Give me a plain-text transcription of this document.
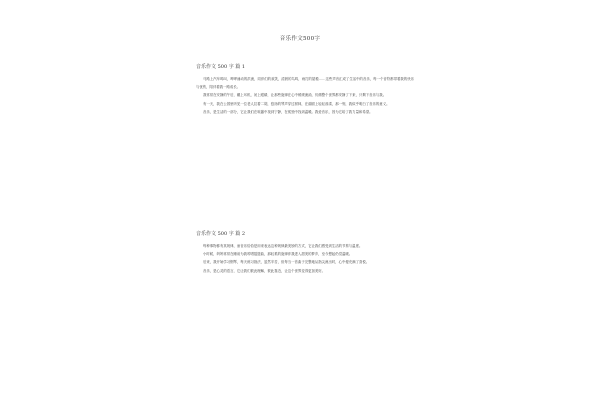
音乐作文500字
音乐作文 500 字 篇 1

马路上汽车鸣叫，哗哗涌动的洪流，同伴们的欢笑，清晨的鸟鸣，雨打的屋檐……这些声音汇成了生活中的音乐，每一个音符都带着我的快乐与忧伤，陪伴着我一路成长。

我常常在安静的午后，戴上耳机，闭上眼睛，让那些旋律在心中缓缓流淌，仿佛整个世界都安静了下来，只剩下音乐与我。

有一天，我在公园里听见一位老人拉着二胡，悠扬的琴声穿过树林，在湖面上轻轻荡漾，那一刻，我似乎明白了音乐的意义。

音乐，是生活的一部分，它让我们在喧嚣中找到宁静，在孤独中找到温暖。我爱音乐，因为它给了我力量和希望。

音乐作文 500 字 篇 2

每种事物都有其规律，而音乐恰恰是用来表达这种规律最美妙的方式，它让我们感受到生活的节奏与温度。

小时候，妈妈常常在睡前为我哼唱摇篮曲，那轻柔的旋律伴我进入甜美的梦乡，至今想起仍觉温暖。

后来，我开始学习钢琴，每天练习指法，虽然辛苦，但每当一首曲子完整地从指尖流出时，心中便充满了喜悦。

音乐，是心灵的语言，它让我们彼此理解，彼此靠近，让这个世界变得更加美好。
